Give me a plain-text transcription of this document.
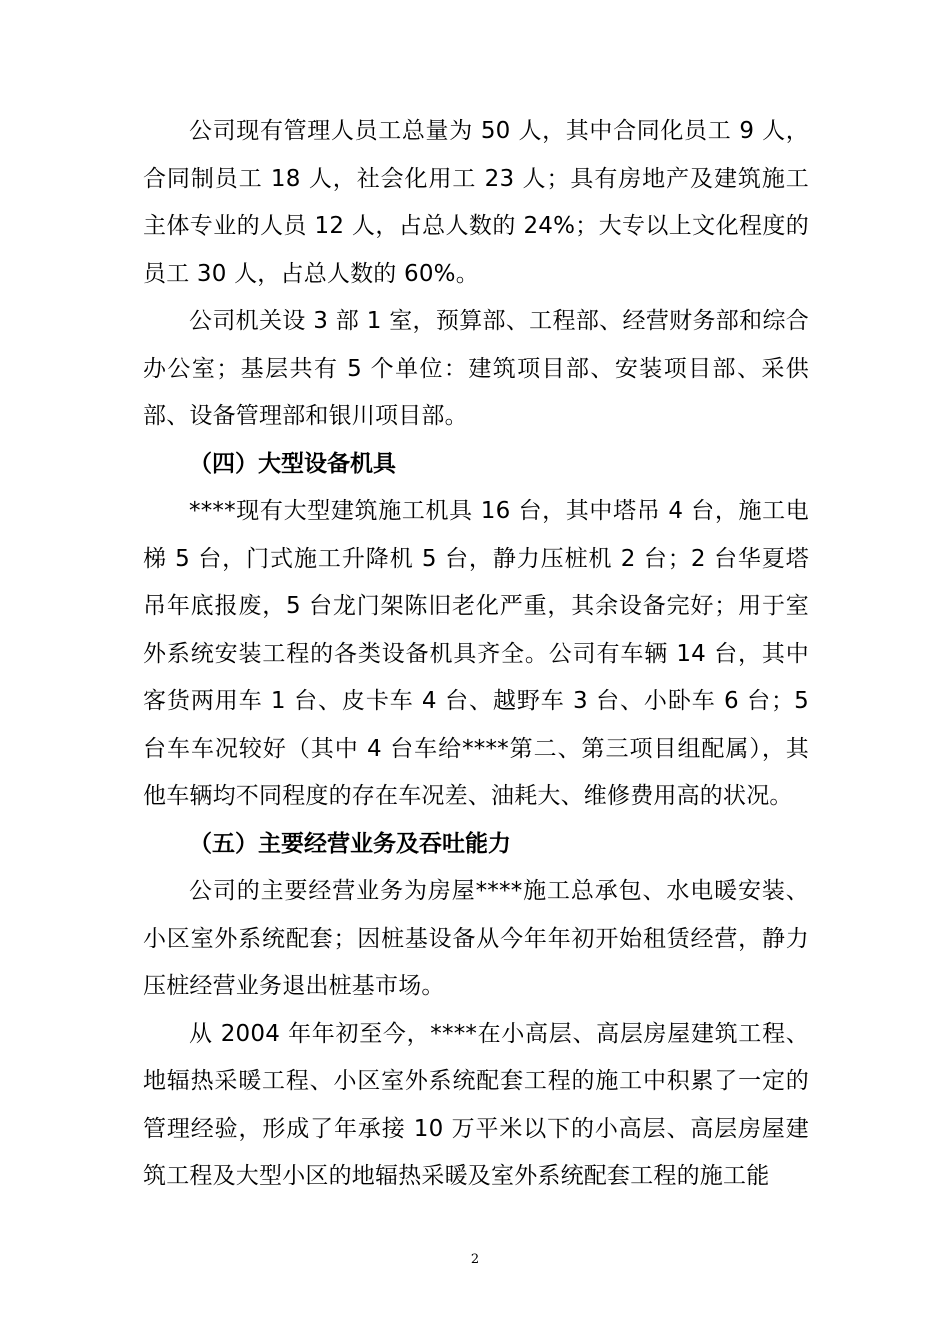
公司现有管理人员工总量为 50 人，其中合同化员工 9 人，合同制员工 18 人，社会化用工 23 人；具有房地产及建筑施工主体专业的人员 12 人，占总人数的 24%；大专以上文化程度的员工 30 人，占总人数的 60%。

公司机关设 3 部 1 室，预算部、工程部、经营财务部和综合办公室；基层共有 5 个单位：建筑项目部、安装项目部、采供部、设备管理部和银川项目部。

（四）大型设备机具

****现有大型建筑施工机具 16 台，其中塔吊 4 台，施工电梯 5 台，门式施工升降机 5 台，静力压桩机 2 台；2 台华夏塔吊年底报废，5 台龙门架陈旧老化严重，其余设备完好；用于室外系统安装工程的各类设备机具齐全。公司有车辆 14 台，其中客货两用车 1 台、皮卡车 4 台、越野车 3 台、小卧车 6 台；5 台车车况较好（其中 4 台车给****第二、第三项目组配属），其他车辆均不同程度的存在车况差、油耗大、维修费用高的状况。

（五）主要经营业务及吞吐能力

公司的主要经营业务为房屋****施工总承包、水电暖安装、小区室外系统配套；因桩基设备从今年年初开始租赁经营，静力压桩经营业务退出桩基市场。

从 2004 年年初至今，****在小高层、高层房屋建筑工程、地辐热采暖工程、小区室外系统配套工程的施工中积累了一定的管理经验，形成了年承接 10 万平米以下的小高层、高层房屋建筑工程及大型小区的地辐热采暖及室外系统配套工程的施工能

2
